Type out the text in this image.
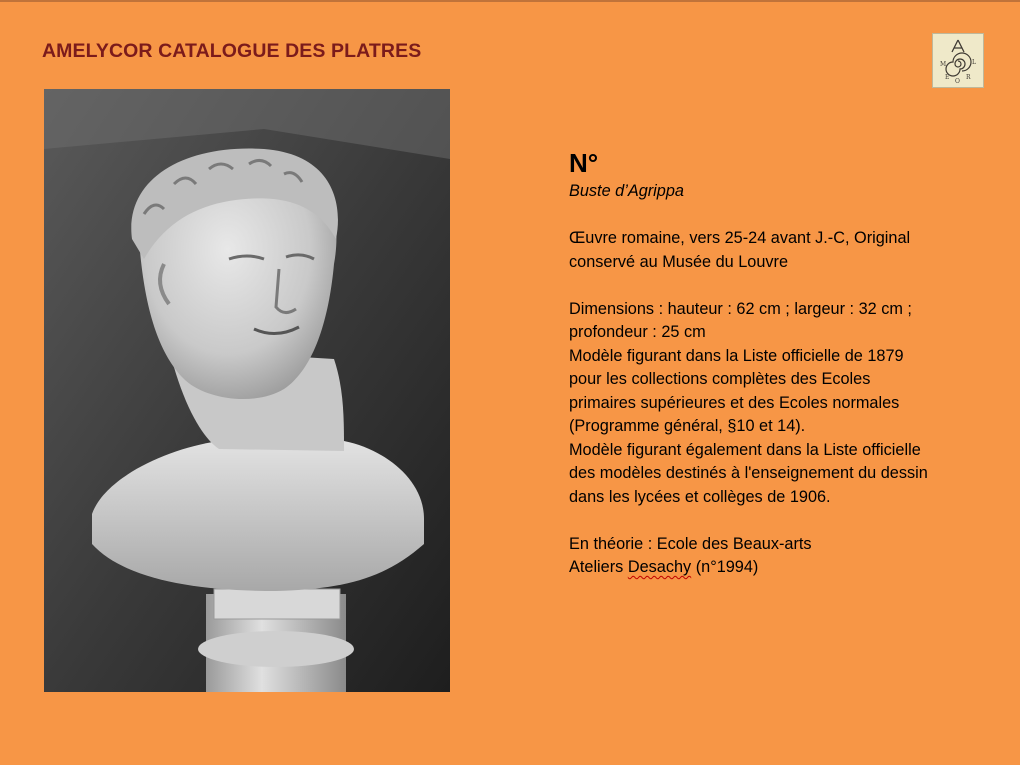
AMELYCOR CATALOGUE DES PLATRES
M	L
E
O
R
N°
Buste d’Agrippa
Œuvre romaine, vers 25-24 avant J.-C, Original
conservé au Musée du Louvre
Dimensions : hauteur : 62 cm ; largeur : 32 cm ;
profondeur : 25 cm
Modèle figurant dans la Liste officielle de 1879
pour les collections complètes des Ecoles
primaires supérieures et des Ecoles normales
(Programme général, §10 et 14).
Modèle figurant également dans la Liste officielle
des modèles destinés à l'enseignement du dessin
dans les lycées et collèges de 1906.
En théorie : Ecole des Beaux-arts
Ateliers Desachy (n°1994)
